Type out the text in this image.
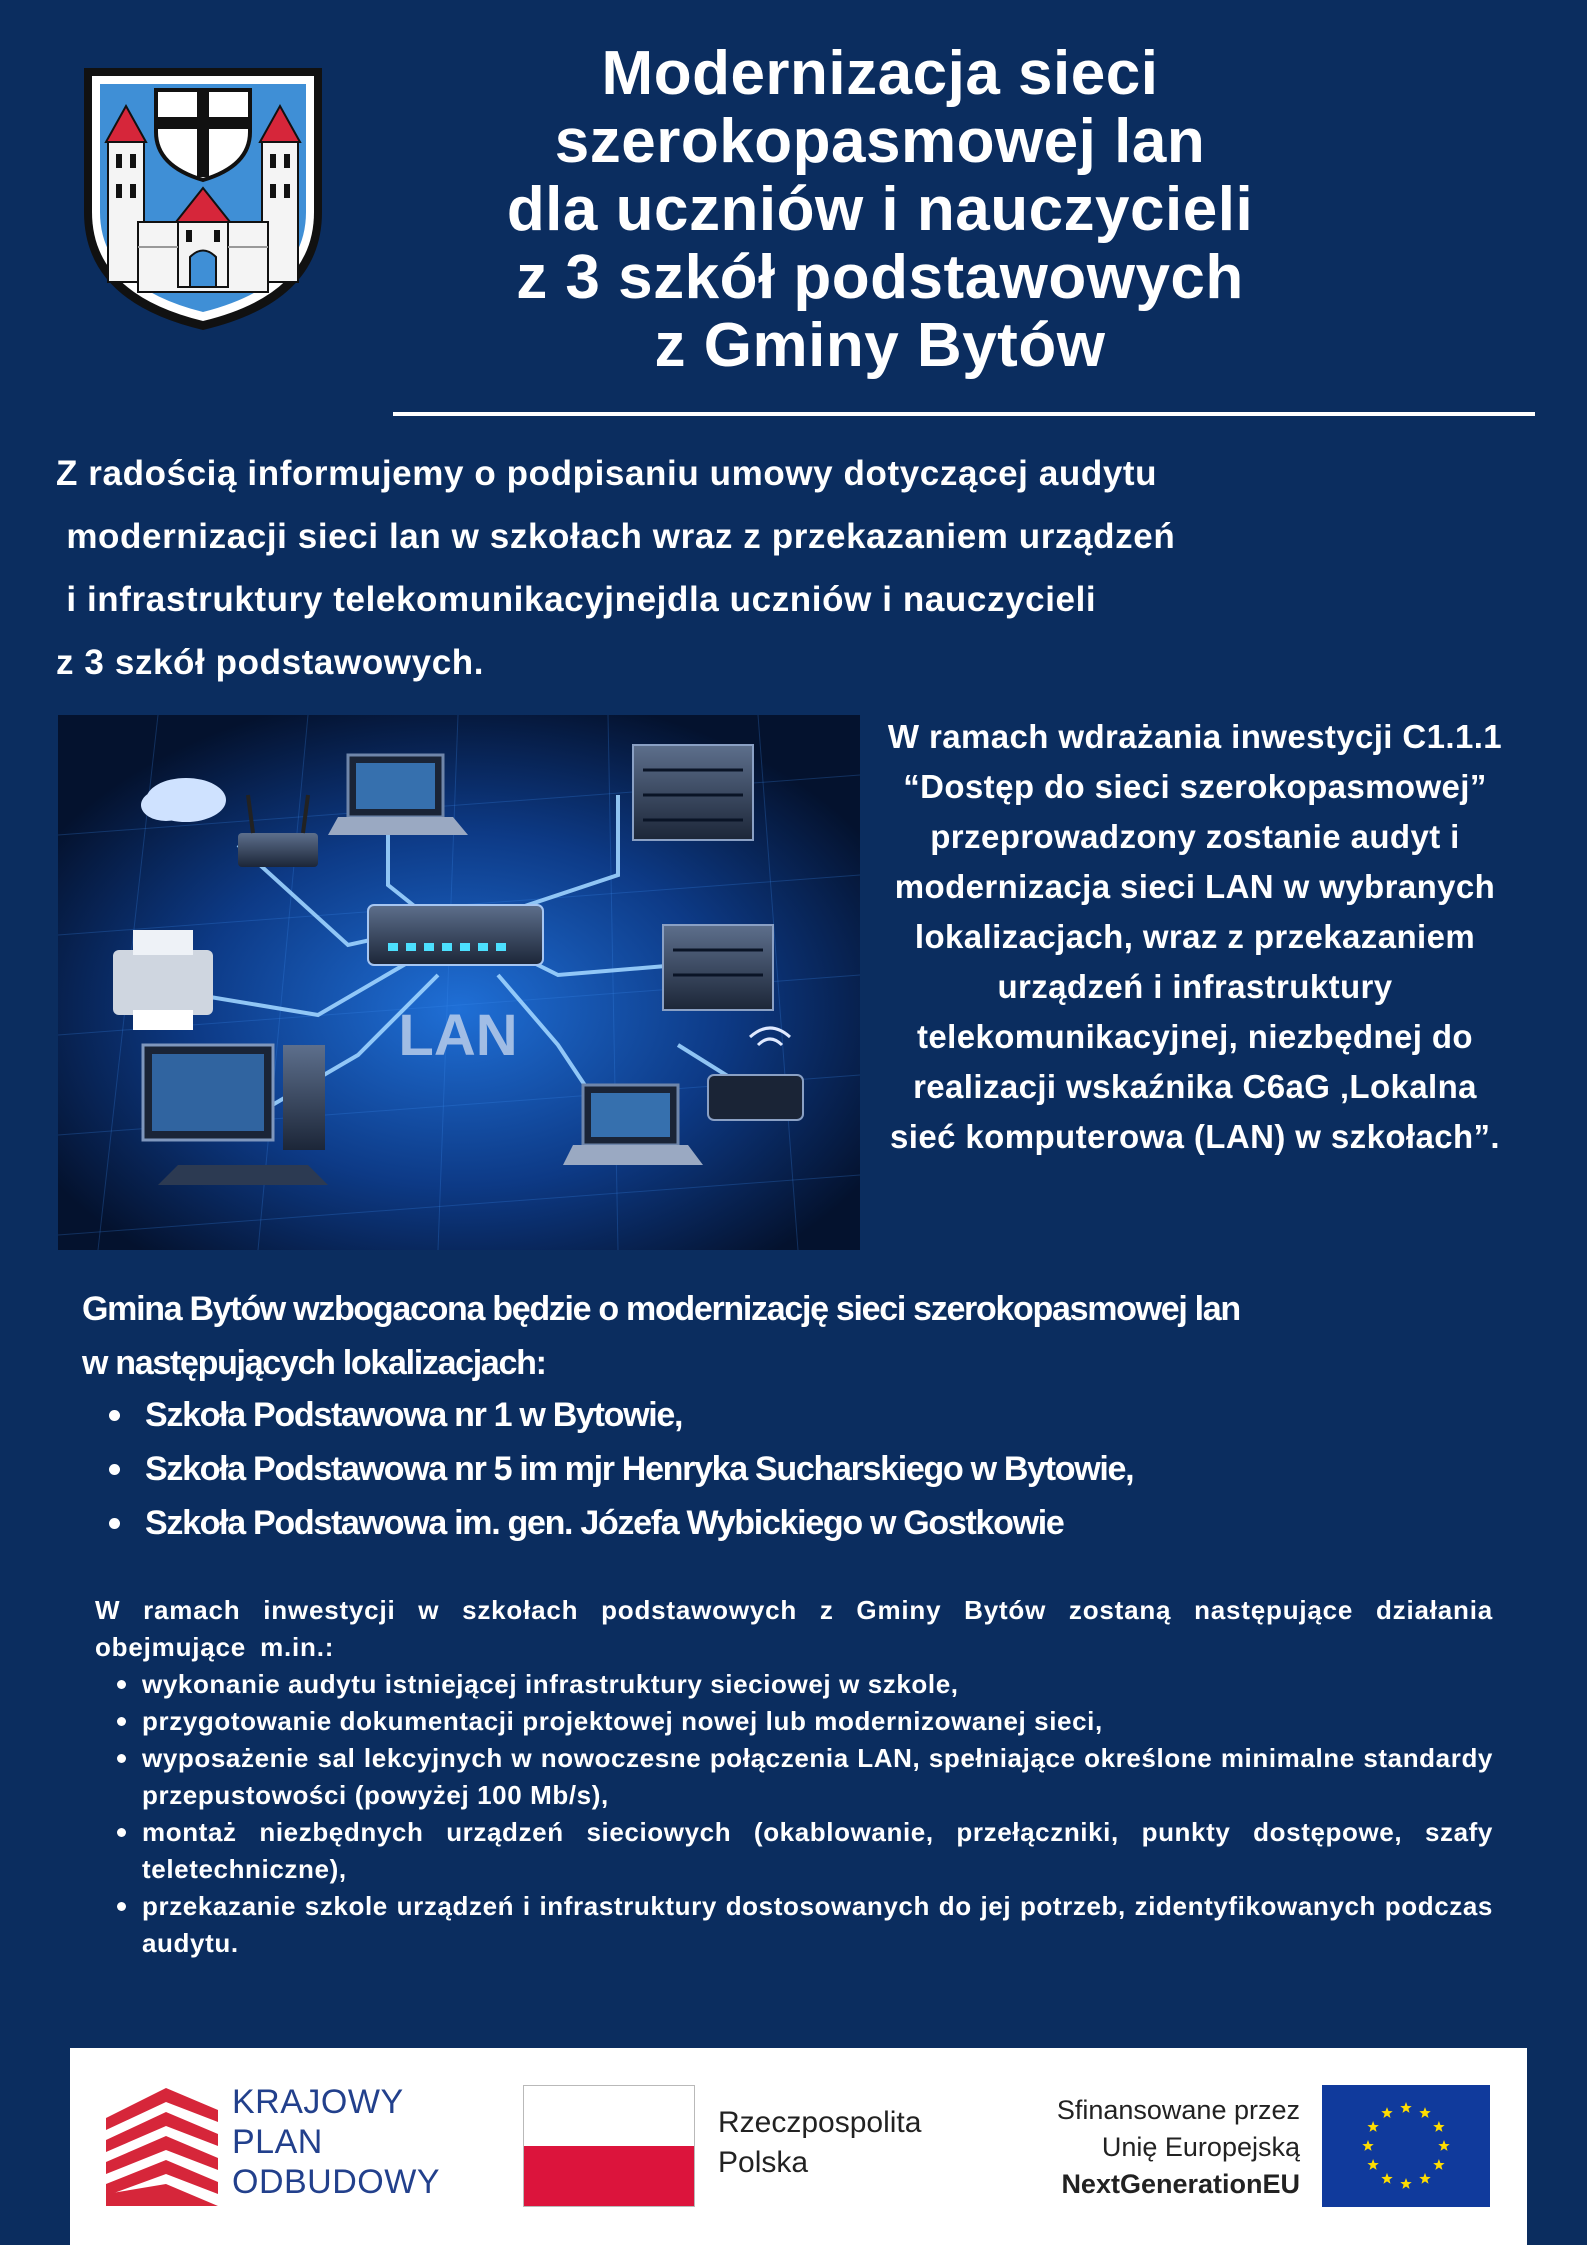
Modernizacja sieci
szerokopasmowej lan
dla uczniów i nauczycieli
z 3 szkół podstawowych
z Gminy Bytów
Z radością informujemy o podpisaniu umowy dotyczącej audytu
modernizacji sieci lan w szkołach wraz z przekazaniem urządzeń
i infrastruktury telekomunikacyjnejdla uczniów i nauczycieli
z 3 szkół podstawowych.
LAN
W ramach wdrażania inwestycji C1.1.1
“Dostęp do sieci szerokopasmowej”
przeprowadzony zostanie audyt i
modernizacja sieci LAN w wybranych
lokalizacjach, wraz z przekazaniem
urządzeń i infrastruktury
telekomunikacyjnej, niezbędnej do
realizacji wskaźnika C6aG ‚Lokalna
sieć komputerowa (LAN) w szkołach”.
Gmina Bytów wzbogacona będzie o modernizację sieci szerokopasmowej lan
w następujących lokalizacjach:
Szkoła Podstawowa nr 1 w Bytowie,
Szkoła Podstawowa nr 5 im mjr Henryka Sucharskiego w Bytowie,
Szkoła Podstawowa im. gen. Józefa Wybickiego w Gostkowie

W ramach inwestycji w szkołach podstawowych z Gminy Bytów zostaną następujące działania obejmujące m.in.:

wykonanie audytu istniejącej infrastruktury sieciowej w szkole,
przygotowanie dokumentacji projektowej nowej lub modernizowanej sieci,
wyposażenie sal lekcyjnych w nowoczesne połączenia LAN, spełniające określone minimalne standardy przepustowości (powyżej 100 Mb/s),
montaż niezbędnych urządzeń sieciowych (okablowanie, przełączniki, punkty dostępowe, szafy teletechniczne),
przekazanie szkole urządzeń i infrastruktury dostosowanych do jej potrzeb, zidentyfikowanych podczas audytu.
KRAJOWY
PLAN
ODBUDOWY
Rzeczpospolita
Polska
Sfinansowane przez
Unię Europejską
NextGenerationEU
